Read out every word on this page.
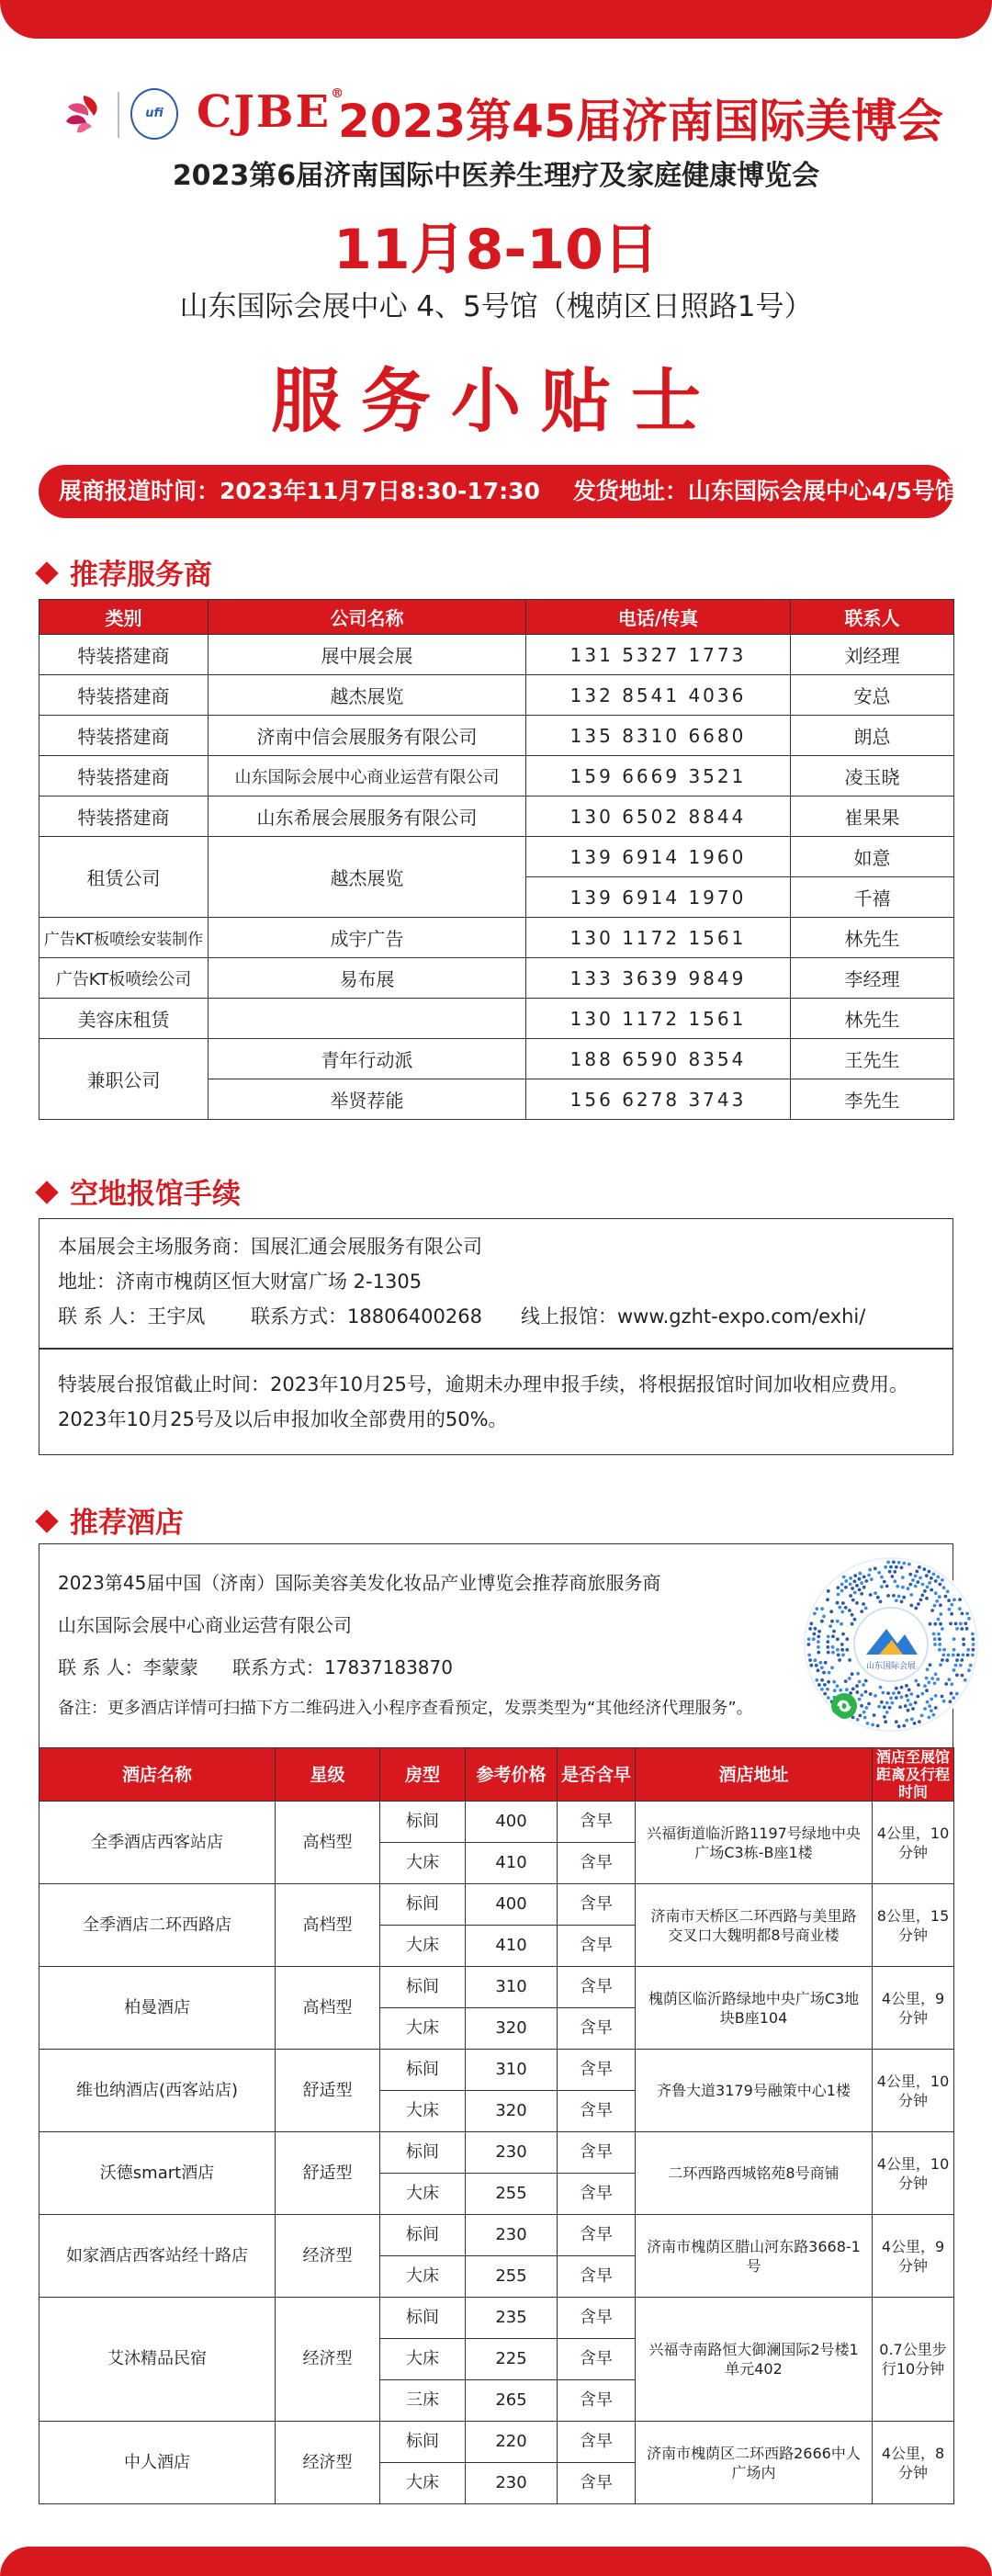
ufi CJBE®
2023第45届济南国际美博会
2023第6届济南国际中医养生理疗及家庭健康博览会
11月8-10日
山东国际会展中心 4、5号馆（槐荫区日照路1号）
服务小贴士
展商报道时间：2023年11月7日8:30-17:30 发货地址：山东国际会展中心4/5号馆
推荐服务商
类别	公司名称	电话/传真	联系人
特装搭建商	展中展会展	131 5327 1773	刘经理
特装搭建商	越杰展览	132 8541 4036	安总
特装搭建商	济南中信会展服务有限公司	135 8310 6680	朗总
特装搭建商	山东国际会展中心商业运营有限公司	159 6669 3521	凌玉晓
特装搭建商	山东希展会展服务有限公司	130 6502 8844	崔果果
租赁公司	越杰展览	139 6914 1960	如意
		139 6914 1970	千禧
广告KT板喷绘安装制作	成宇广告	130 1172 1561	林先生
广告KT板喷绘公司	易布展	133 3639 9849	李经理
美容床租赁		130 1172 1561	林先生
兼职公司	青年行动派	188 6590 8354	王先生
	举贤荐能	156 6278 3743	李先生
空地报馆手续
本届展会主场服务商：国展汇通会展服务有限公司
地址：济南市槐荫区恒大财富广场 2-1305
联 系 人：王宇凤 联系方式：18806400268 线上报馆：www.gzht-expo.com/exhi/
特装展台报馆截止时间：2023年10月25号，逾期未办理申报手续，将根据报馆时间加收相应费用。
2023年10月25号及以后申报加收全部费用的50%。
推荐酒店
2023第45届中国（济南）国际美容美发化妆品产业博览会推荐商旅服务商
山东国际会展中心商业运营有限公司
联 系 人：李蒙蒙 联系方式：17837183870
备注：更多酒店详情可扫描下方二维码进入小程序查看预定，发票类型为“其他经济代理服务”。
山东国际会展
酒店名称	星级	房型	参考价格	是否含早	酒店地址	酒店至展馆距离及行程时间
全季酒店西客站店	高档型	标间	400	含早	兴福街道临沂路1197号绿地中央广场C3栋-B座1楼	4公里，10分钟
		大床	410	含早		
全季酒店二环西路店	高档型	标间	400	含早	济南市天桥区二环西路与美里路交叉口大魏明都8号商业楼	8公里，15分钟
		大床	410	含早		
柏曼酒店	高档型	标间	310	含早	槐荫区临沂路绿地中央广场C3地块B座104	4公里，9分钟
		大床	320	含早		
维也纳酒店(西客站店)	舒适型	标间	310	含早	齐鲁大道3179号融策中心1楼	4公里，10分钟
		大床	320	含早		
沃德smart酒店	舒适型	标间	230	含早	二环西路西城铭苑8号商铺	4公里，10分钟
		大床	255	含早		
如家酒店西客站经十路店	经济型	标间	230	含早	济南市槐荫区腊山河东路3668-1号	4公里，9分钟
		大床	255	含早		
艾沐精品民宿	经济型	标间	235	含早	兴福寺南路恒大御澜国际2号楼1单元402	0.7公里步行10分钟
		大床	225	含早		
		三床	265	含早		
中人酒店	经济型	标间	220	含早	济南市槐荫区二环西路2666中人广场内	4公里，8分钟
		大床	230	含早		
